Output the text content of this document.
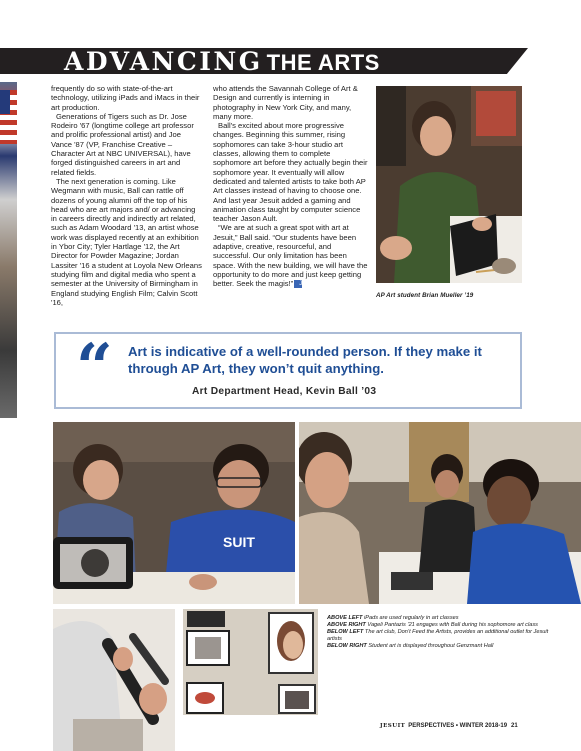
ADVANCING THE ARTS

frequently do so with state-of-the-art technology, utilizing iPads and iMacs in their art production.

Generations of Tigers such as Dr. Jose Rodeiro '67 (longtime college art professor and prolific professional artist) and Joe Vance '87 (VP, Franchise Creative – Character Art at NBC UNIVERSAL), have forged distinguished careers in art and related fields.

The next generation is coming. Like Wegmann with music, Ball can rattle off dozens of young alumni off the top of his head who are art majors and/ or advancing in careers directly and indirectly art related, such as Adam Woodard '13, an artist whose work was displayed recently at an exhibition in Ybor City; Tyler Hartlage '12, the Art Director for Powder Magazine; Jordan Lassiter '16 a student at Loyola New Orleans studying film and digital media who spent a semester at the University of Birmingham in England studying English Film; Calvin Scott '16,

who attends the Savannah College of Art & Design and currently is interning in photography in New York City, and many, many more.

Ball's excited about more progressive changes. Beginning this summer, rising sophomores can take 3-hour studio art classes, allowing them to complete sophomore art before they actually begin their sophomore year. It eventually will allow dedicated and talented artists to take both AP Art classes instead of having to choose one. And last year Jesuit added a gaming and animation class taught by computer science teacher Jason Ault.

“We are at such a great spot with art at Jesuit,” Ball said. “Our students have been adaptive, creative, resourceful, and successful. Our only limitation has been space. With the new building, we will have the opportunity to do more and just keep getting better. Seek the magis!” JS

AP Art student Brian Mueller ’19
“ Art is indicative of a well-rounded person. If they make it through AP Art, they won’t quit anything.
Art Department Head, Kevin Ball ’03
SUIT
ABOVE LEFT iPads are used regularly in art classes
ABOVE RIGHT Vageli Pantazis ’21 engages with Ball during his sophomore art class
BELOW LEFT The art club, Don’t Feed the Artists, provides an additional outlet for Jesuit artists
BELOW RIGHT Student art is displayed throughout Genzmant Hall
JESUIT PERSPECTIVES • WINTER 2018-19 21
